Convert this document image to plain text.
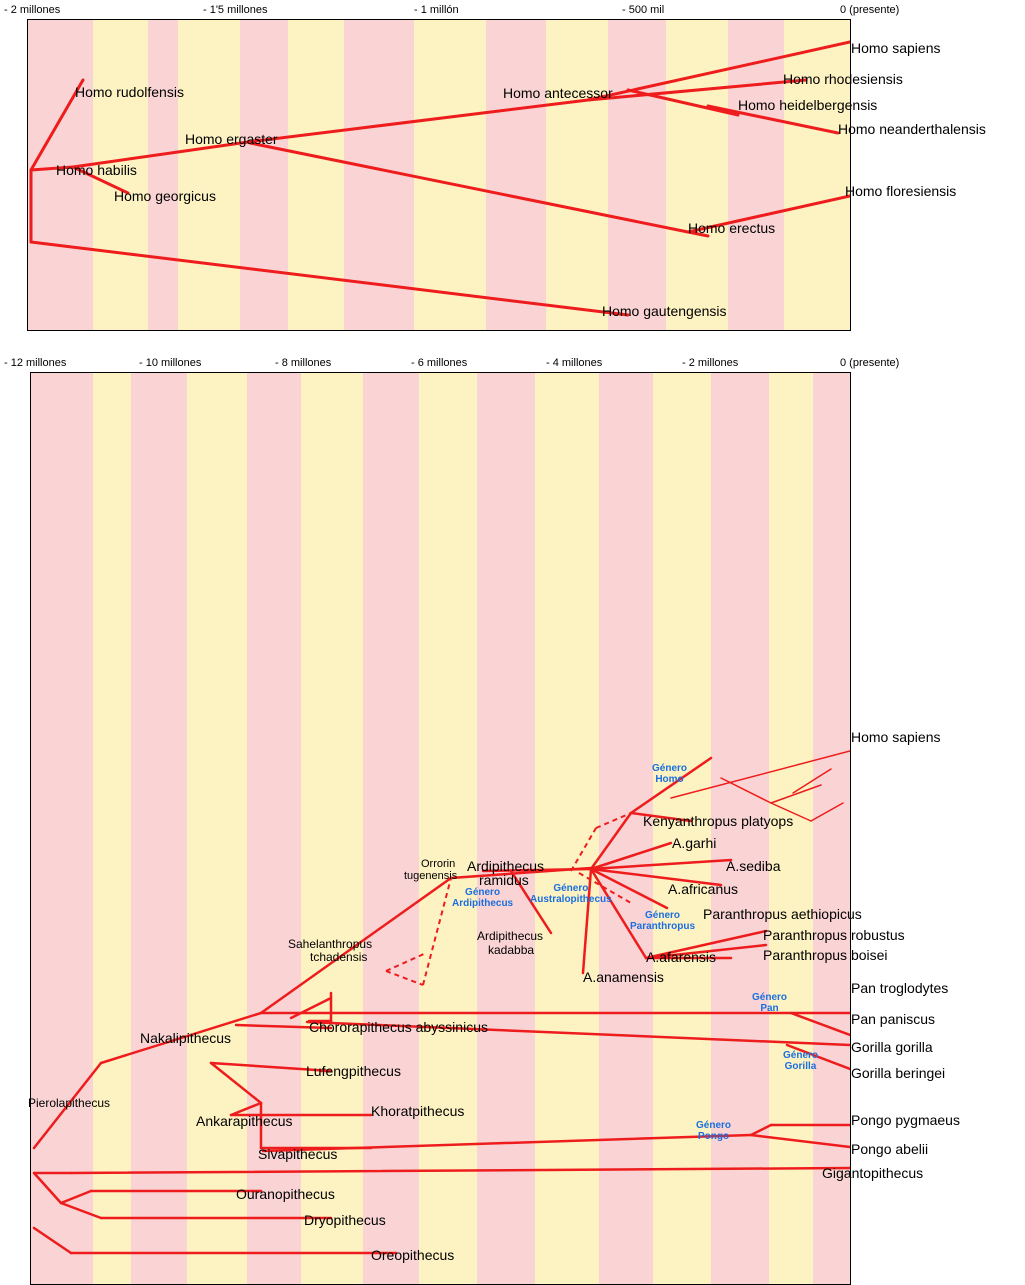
- 2 millones	- 1'5 millones	- 1 millón	- 500 mil	0 (presente)
Homo sapiens
Homo rhodesiensis
Homo heidelbergensis
Homo neanderthalensis
Homo antecessor
Homo ergaster
Homo rudolfensis
Homo habilis
Homo georgicus	Homo floresiensis
Homo erectus
Homo gautengensis
- 12 millones	- 10 millones	- 8 millones	- 6 millones	- 4 millones	- 2 millones	0 (presente)
Homo sapiens
Kenyanthropus platyops
A.garhi
A.sediba
A.africanus
Paranthropus aethiopicus
Paranthropus robustus
Paranthropus boisei
A.afarensis
A.anamensis
Ardipithecus
ramidus
Orrorin
tugenensis
Ardipithecus
kadabba
Sahelanthropus
tchadensis
Pan troglodytes
Pan paniscus
Chororapithecus abyssinicus
Gorilla gorilla
Nakalipithecus
Gorilla beringei
Lufengpithecus
Pierolapithecus	Khoratpithecus
Pongo pygmaeus
Ankarapithecus
Sivapithecus	Pongo abelii
Gigantopithecus
Ouranopithecus
Dryopithecus
Oreopithecus
Género
Homo
Género
Ardipithecus
Género
Australopithecus
Género
Paranthropus
Género
Pan
Género
Gorilla
Género
Pongo
